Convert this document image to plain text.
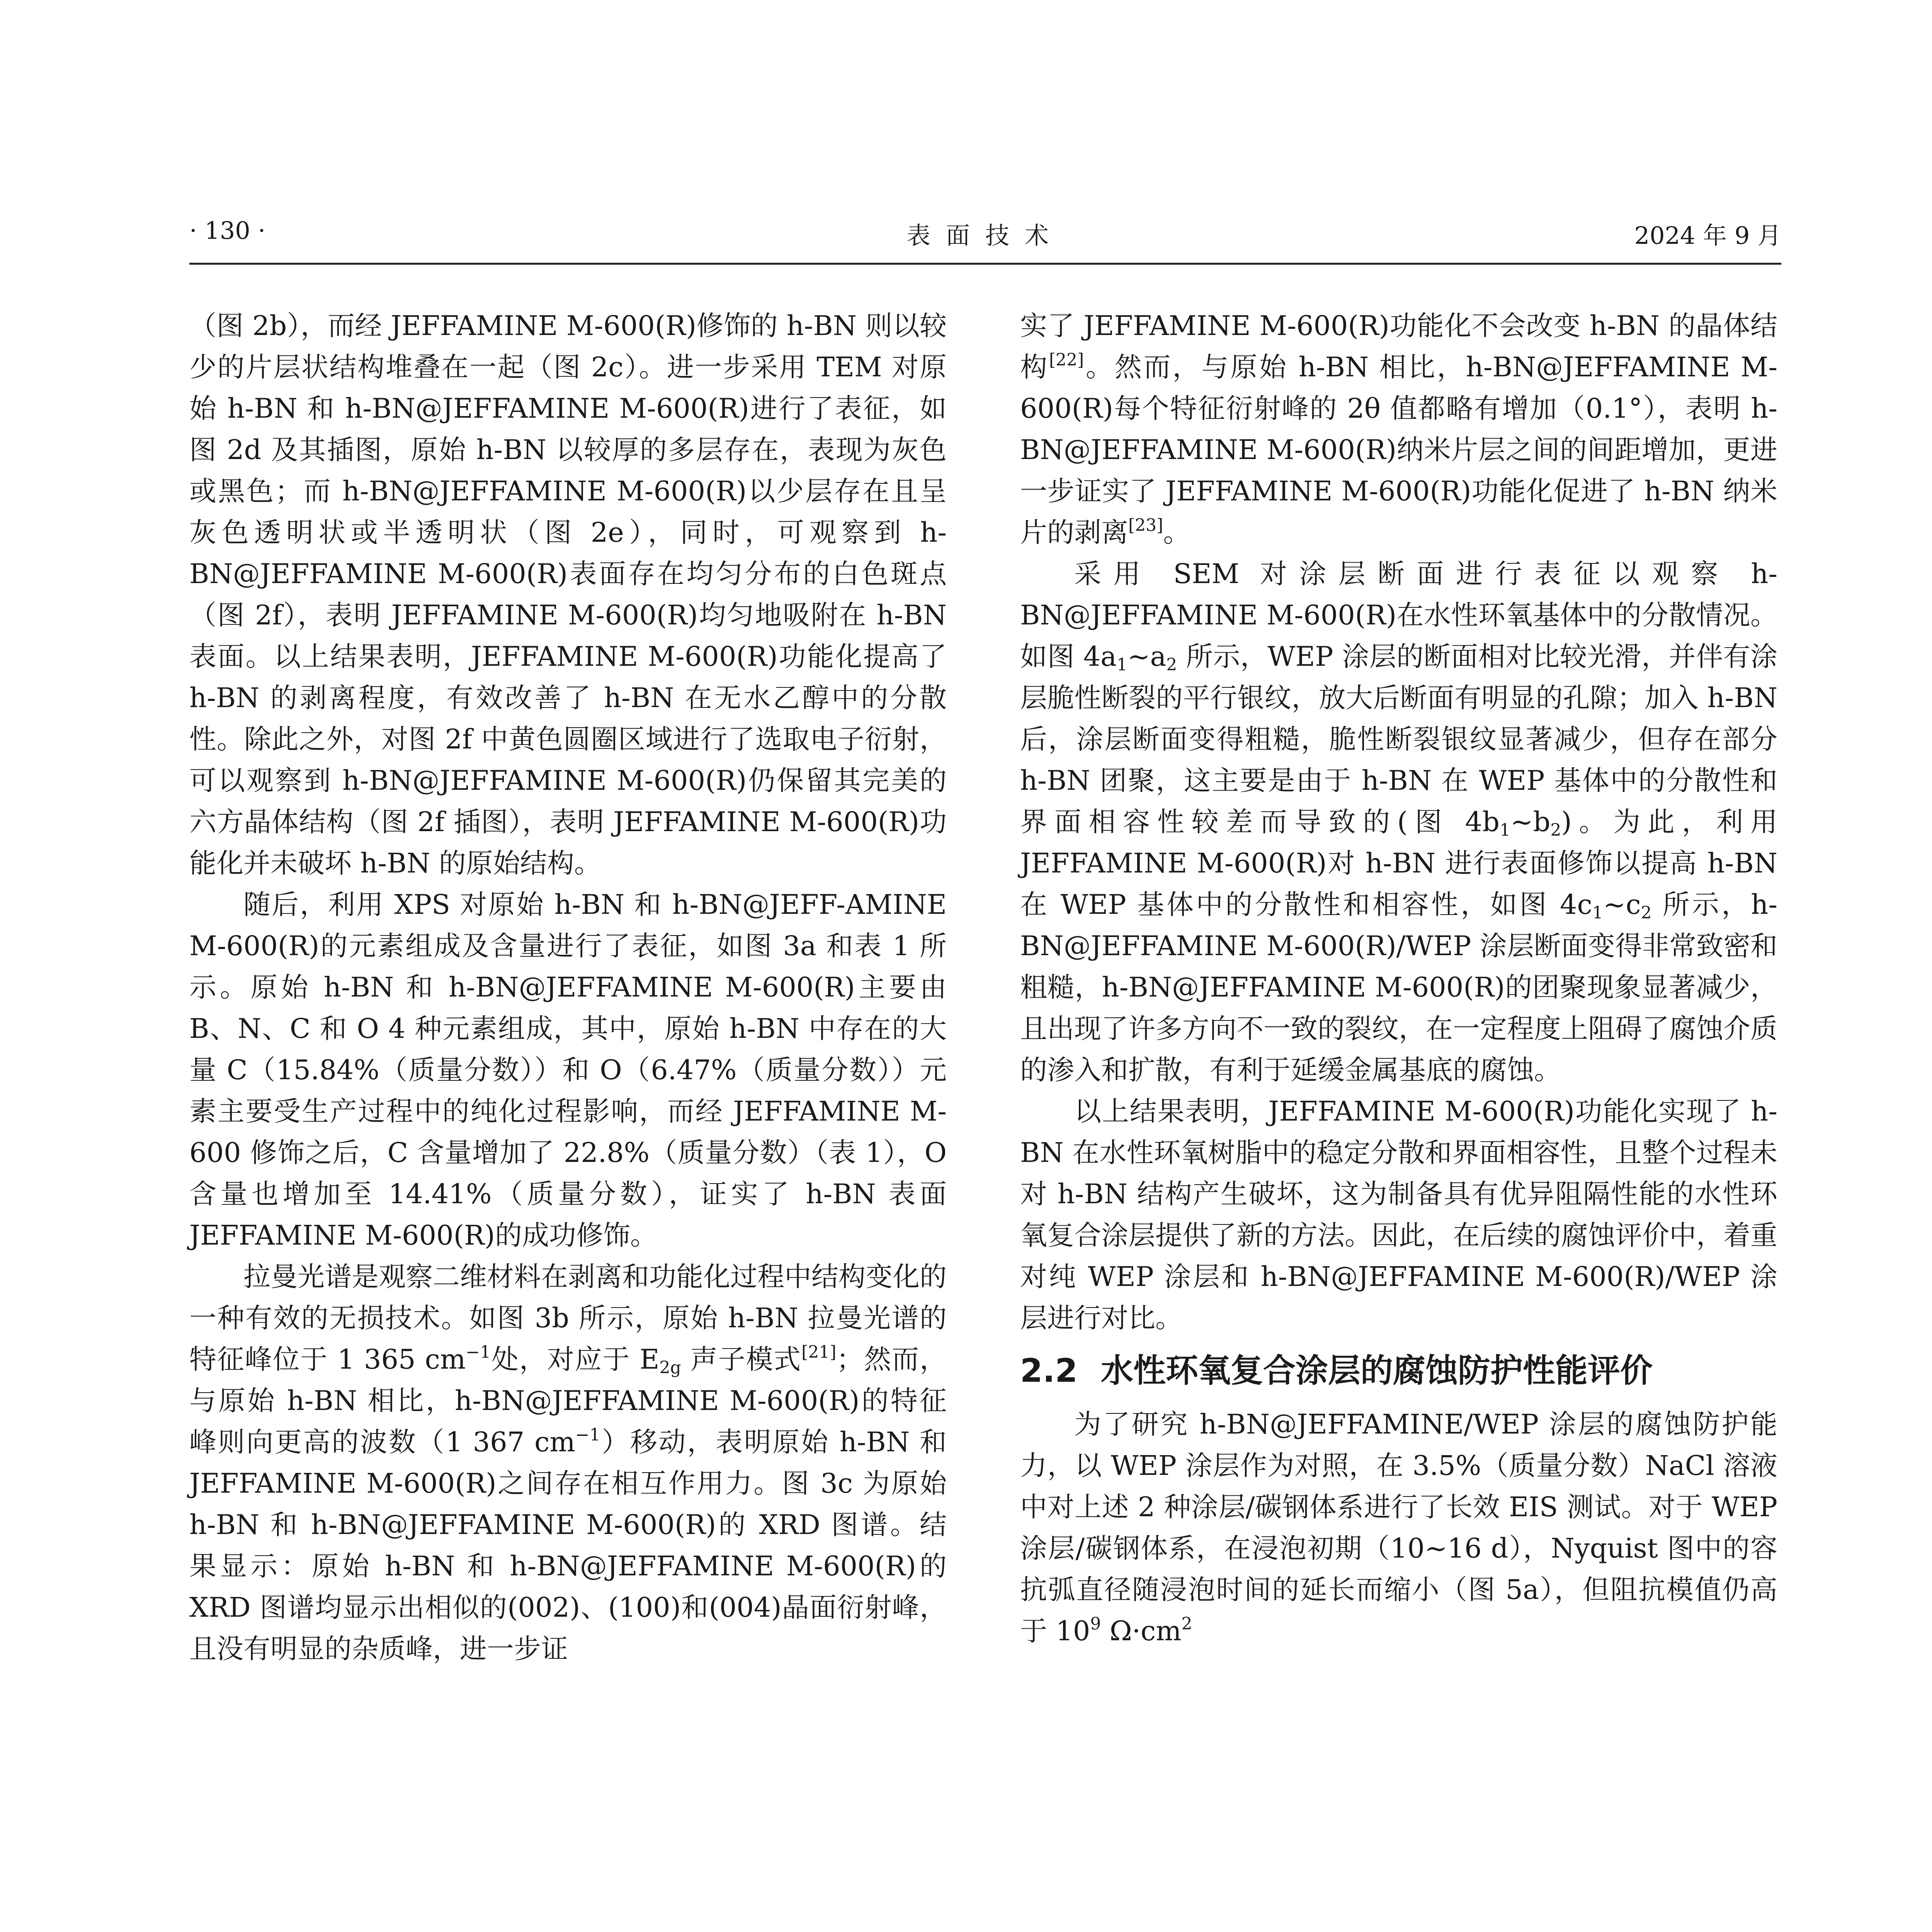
· 130 ·	表面技术	2024 年 9 月

（图 2b），而经 JEFFAMINE M-600(R)修饰的 h-BN 则以较少的片层状结构堆叠在一起（图 2c）。进一步采用 TEM 对原始 h-BN 和 h-BN@JEFFAMINE M-600(R)进行了表征，如图 2d 及其插图，原始 h-BN 以较厚的多层存在，表现为灰色或黑色；而 h-BN@JEFFAMINE M-600(R)以少层存在且呈灰色透明状或半透明状（图 2e），同时，可观察到 h-BN@JEFFAMINE M-600(R)表面存在均匀分布的白色斑点（图 2f），表明 JEFFAMINE M-600(R)均匀地吸附在 h-BN 表面。以上结果表明，JEFFAMINE M-600(R)功能化提高了 h-BN 的剥离程度，有效改善了 h-BN 在无水乙醇中的分散性。除此之外，对图 2f 中黄色圆圈区域进行了选取电子衍射，可以观察到 h-BN@JEFFAMINE M-600(R)仍保留其完美的六方晶体结构（图 2f 插图），表明 JEFFAMINE M-600(R)功能化并未破坏 h-BN 的原始结构。

随后，利用 XPS 对原始 h-BN 和 h-BN@JEFF-AMINE M-600(R)的元素组成及含量进行了表征，如图 3a 和表 1 所示。原始 h-BN 和 h-BN@JEFFAMINE M-600(R)主要由 B、N、C 和 O 4 种元素组成，其中，原始 h-BN 中存在的大量 C（15.84%（质量分数））和 O（6.47%（质量分数））元素主要受生产过程中的纯化过程影响，而经 JEFFAMINE M-600 修饰之后，C 含量增加了 22.8%（质量分数）（表 1），O 含量也增加至 14.41%（质量分数），证实了 h-BN 表面 JEFFAMINE M-600(R)的成功修饰。

拉曼光谱是观察二维材料在剥离和功能化过程中结构变化的一种有效的无损技术。如图 3b 所示，原始 h-BN 拉曼光谱的特征峰位于 1 365 $cm^{-1}$处，对应于 $E_{2g}$ 声子模式[21]；然而，与原始 h-BN 相比，h-BN@JEFFAMINE M-600(R)的特征峰则向更高的波数（1 367 $cm^{-1}$）移动，表明原始 h-BN 和 JEFFAMINE M-600(R)之间存在相互作用力。图 3c 为原始 h-BN 和 h-BN@JEFFAMINE M-600(R)的 XRD 图谱。结果显示：原始 h-BN 和 h-BN@JEFFAMINE M-600(R)的 XRD 图谱均显示出相似的(002)、(100)和(004)晶面衍射峰，且没有明显的杂质峰，进一步证

实了 JEFFAMINE M-600(R)功能化不会改变 h-BN 的晶体结构[22]。然而，与原始 h-BN 相比，h-BN@JEFFAMINE M-600(R)每个特征衍射峰的 2θ 值都略有增加（0.1°），表明 h-BN@JEFFAMINE M-600(R)纳米片层之间的间距增加，更进一步证实了 JEFFAMINE M-600(R)功能化促进了 h-BN 纳米片的剥离[23]。

采用 SEM 对涂层断面进行表征以观察 h-BN@JEFFAMINE M-600(R)在水性环氧基体中的分散情况。如图 $4a_1\sim a_2$ 所示，WEP 涂层的断面相对比较光滑，并伴有涂层脆性断裂的平行银纹，放大后断面有明显的孔隙；加入 h-BN 后，涂层断面变得粗糙，脆性断裂银纹显著减少，但存在部分 h-BN 团聚，这主要是由于 h-BN 在 WEP 基体中的分散性和界面相容性较差而导致的(图 $4b_1\sim b_2$)。为此，利用 JEFFAMINE M-600(R)对 h-BN 进行表面修饰以提高 h-BN 在 WEP 基体中的分散性和相容性，如图 $4c_1\sim c_2$ 所示，h-BN@JEFFAMINE M-600(R)/WEP 涂层断面变得非常致密和粗糙，h-BN@JEFFAMINE M-600(R)的团聚现象显著减少，且出现了许多方向不一致的裂纹，在一定程度上阻碍了腐蚀介质的渗入和扩散，有利于延缓金属基底的腐蚀。

以上结果表明，JEFFAMINE M-600(R)功能化实现了 h-BN 在水性环氧树脂中的稳定分散和界面相容性，且整个过程未对 h-BN 结构产生破坏，这为制备具有优异阻隔性能的水性环氧复合涂层提供了新的方法。因此，在后续的腐蚀评价中，着重对纯 WEP 涂层和 h-BN@JEFFAMINE M-600(R)/WEP 涂层进行对比。

2.2 水性环氧复合涂层的腐蚀防护性能评价

为了研究 h-BN@JEFFAMINE/WEP 涂层的腐蚀防护能力，以 WEP 涂层作为对照，在 3.5%（质量分数）NaCl 溶液中对上述 2 种涂层/碳钢体系进行了长效 EIS 测试。对于 WEP 涂层/碳钢体系，在浸泡初期（10~16 d），Nyquist 图中的容抗弧直径随浸泡时间的延长而缩小（图 5a），但阻抗模值仍高于 $10^9$ $\Omega\cdot cm^2$
